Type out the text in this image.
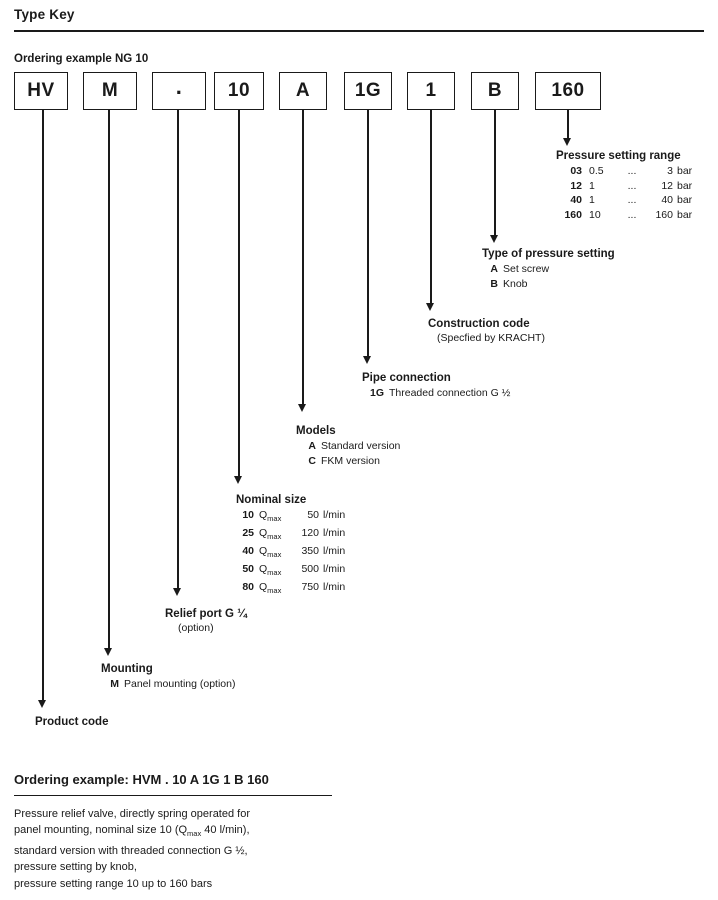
Type Key
Ordering example NG 10
HV	M	.	10	A	1G	1	B	160
Pressure setting range
03 0.5	...	3 bar
12 1	...	12 bar
40 1	...	40 bar
160 10	...	160 bar
Type of pressure setting
A Set screw
B Knob
Construction code
(Specfied by KRACHT)
Pipe connection
1G Threaded connection G ½
Models
A Standard version
C FKM version
Nominal size
10 $Q_{max}$	50 l/min
25 $Q_{max}$	120 l/min
40 $Q_{max}$	350 l/min
50 $Q_{max}$	500 l/min
80 $Q_{max}$	750 l/min
Relief port G ¼
(option)
Mounting
M Panel mounting (option)
Product code
Ordering example: HVM . 10 A 1G 1 B 160
Pressure relief valve, directly spring operated for
panel mounting, nominal size 10 ($Q_{max}$ 40 l/min),
standard version with threaded connection G ½,
pressure setting by knob,
pressure setting range 10 up to 160 bars
